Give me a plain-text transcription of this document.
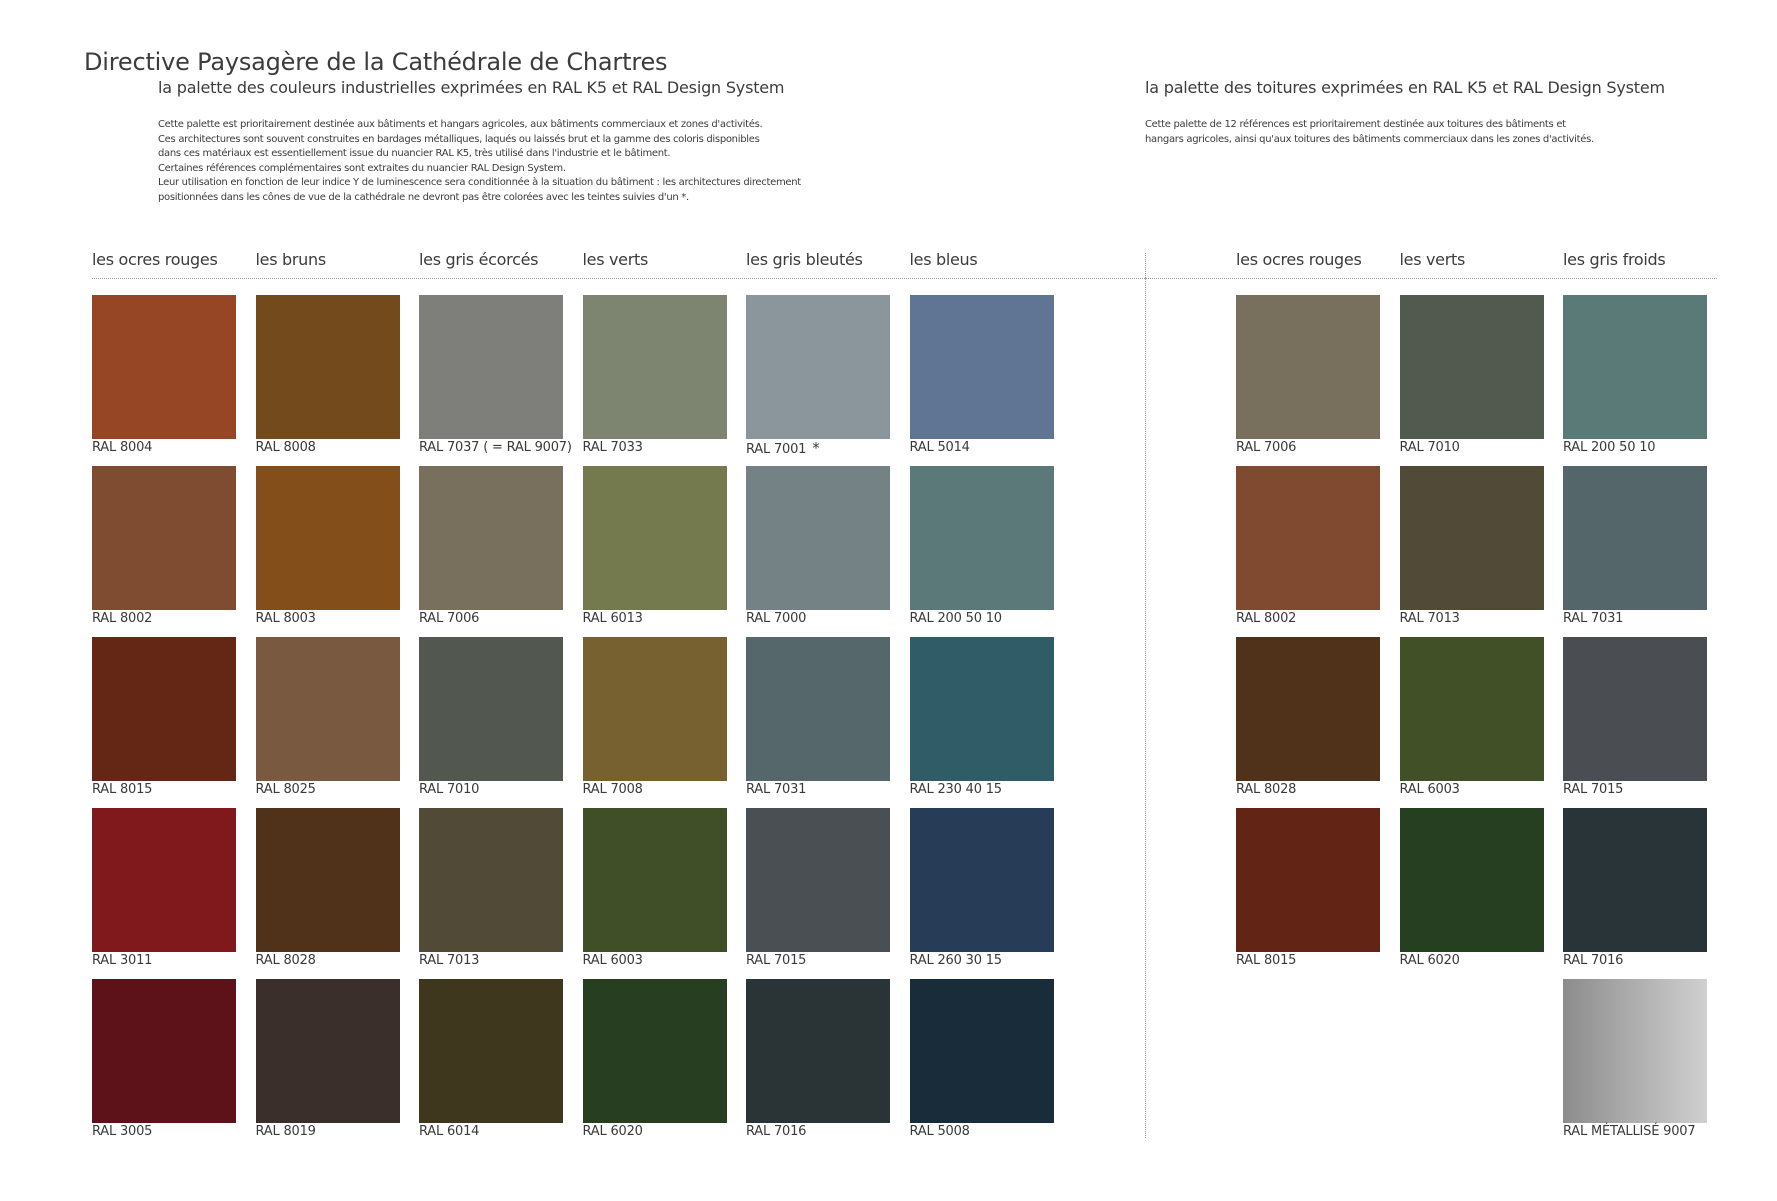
Directive Paysagère de la Cathédrale de Chartres
la palette des couleurs industrielles exprimées en RAL K5 et RAL Design System	la palette des toitures exprimées en RAL K5 et RAL Design System

Cette palette est prioritairement destinée aux bâtiments et hangars agricoles, aux bâtiments commerciaux et zones d'activités.

Ces architectures sont souvent construites en bardages métalliques, laqués ou laissés brut et la gamme des coloris disponibles

dans ces matériaux est essentiellement issue du nuancier RAL K5, très utilisé dans l'industrie et le bâtiment.

Certaines références complémentaires sont extraites du nuancier RAL Design System.

Leur utilisation en fonction de leur indice Y de luminescence sera conditionnée à la situation du bâtiment : les architectures directement

positionnées dans les cônes de vue de la cathédrale ne devront pas être colorées avec les teintes suivies d'un *.

Cette palette de 12 références est prioritairement destinée aux toitures des bâtiments et

hangars agricoles, ainsi qu'aux toitures des bâtiments commerciaux dans les zones d'activités.

les ocres rouges
RAL 8004
RAL 8002
RAL 8015
RAL 3011
RAL 3005
les bruns
RAL 8008
RAL 8003
RAL 8025
RAL 8028
RAL 8019
les gris écorcés
RAL 7037 ( = RAL 9007)
RAL 7006
RAL 7010
RAL 7013
RAL 6014
les verts
RAL 7033
RAL 6013
RAL 7008
RAL 6003
RAL 6020
les gris bleutés
RAL 7001 *
RAL 7000
RAL 7031
RAL 7015
RAL 7016
les bleus
RAL 5014
RAL 200 50 10
RAL 230 40 15
RAL 260 30 15
RAL 5008
les ocres rouges
RAL 7006
RAL 8002
RAL 8028
RAL 8015
les verts
RAL 7010
RAL 7013
RAL 6003
RAL 6020
les gris froids
RAL 200 50 10
RAL 7031
RAL 7015
RAL 7016
RAL MÉTALLISÉ 9007
